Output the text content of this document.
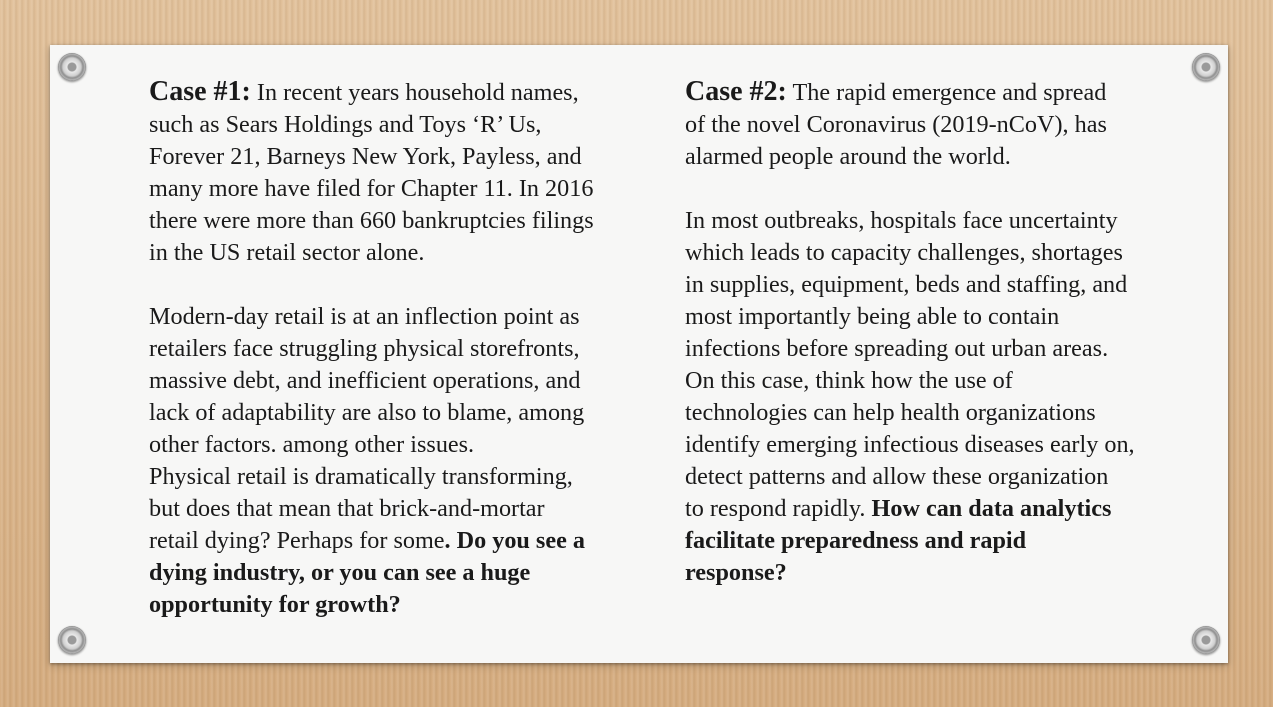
Case #1: In recent years household names,

such as Sears Holdings and Toys ‘R’ Us,

Forever 21, Barneys New York, Payless, and

many more have filed for Chapter 11. In 2016

there were more than 660 bankruptcies filings

in the US retail sector alone.

Modern-day retail is at an inflection point as

retailers face struggling physical storefronts,

massive debt, and inefficient operations, and

lack of adaptability are also to blame, among

other factors. among other issues.

Physical retail is dramatically transforming,

but does that mean that brick-and-mortar

retail dying? Perhaps for some. Do you see a

dying industry, or you can see a huge

opportunity for growth?

Case #2: The rapid emergence and spread

of the novel Coronavirus (2019-nCoV), has

alarmed people around the world.

In most outbreaks, hospitals face uncertainty

which leads to capacity challenges, shortages

in supplies, equipment, beds and staffing, and

most importantly being able to contain

infections before spreading out urban areas.

On this case, think how the use of

technologies can help health organizations

identify emerging infectious diseases early on,

detect patterns and allow these organization

to respond rapidly. How can data analytics

facilitate preparedness and rapid

response?
